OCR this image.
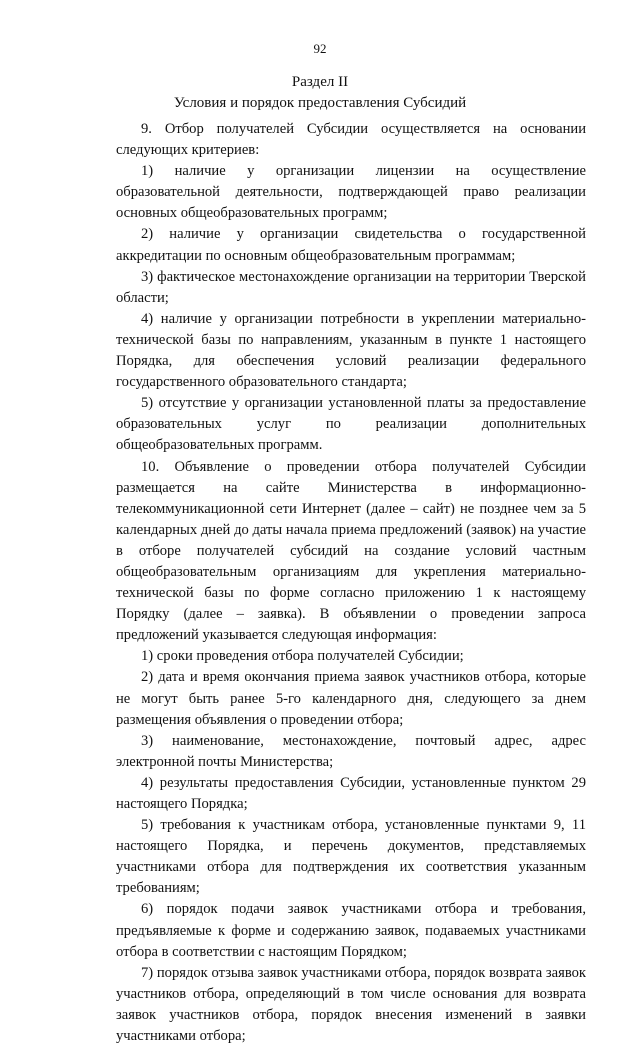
92
Раздел II
Условия и порядок предоставления Субсидий

9. Отбор получателей Субсидии осуществляется на основании следующих критериев:

1) наличие у организации лицензии на осуществление образовательной деятельности, подтверждающей право реализации основных общеобразовательных программ;

2) наличие у организации свидетельства о государственной аккредитации по основным общеобразовательным программам;

3) фактическое местонахождение организации на территории Тверской области;

4) наличие у организации потребности в укреплении материально-технической базы по направлениям, указанным в пункте 1 настоящего Порядка, для обеспечения условий реализации федерального государственного образовательного стандарта;

5) отсутствие у организации установленной платы за предоставление образовательных услуг по реализации дополнительных общеобразовательных программ.

10. Объявление о проведении отбора получателей Субсидии размещается на сайте Министерства в информационно-телекоммуникационной сети Интернет (далее – сайт) не позднее чем за 5 календарных дней до даты начала приема предложений (заявок) на участие в отборе получателей субсидий на создание условий частным общеобразовательным организациям для укрепления материально-технической базы по форме согласно приложению 1 к настоящему Порядку (далее – заявка). В объявлении о проведении запроса предложений указывается следующая информация:

1) сроки проведения отбора получателей Субсидии;

2) дата и время окончания приема заявок участников отбора, которые не могут быть ранее 5-го календарного дня, следующего за днем размещения объявления о проведении отбора;

3) наименование, местонахождение, почтовый адрес, адрес электронной почты Министерства;

4) результаты предоставления Субсидии, установленные пунктом 29 настоящего Порядка;

5) требования к участникам отбора, установленные пунктами 9, 11 настоящего Порядка, и перечень документов, представляемых участниками отбора для подтверждения их соответствия указанным требованиям;

6) порядок подачи заявок участниками отбора и требования, предъявляемые к форме и содержанию заявок, подаваемых участниками отбора в соответствии с настоящим Порядком;

7) порядок отзыва заявок участниками отбора, порядок возврата заявок участников отбора, определяющий в том числе основания для возврата заявок участников отбора, порядок внесения изменений в заявки участниками отбора;
